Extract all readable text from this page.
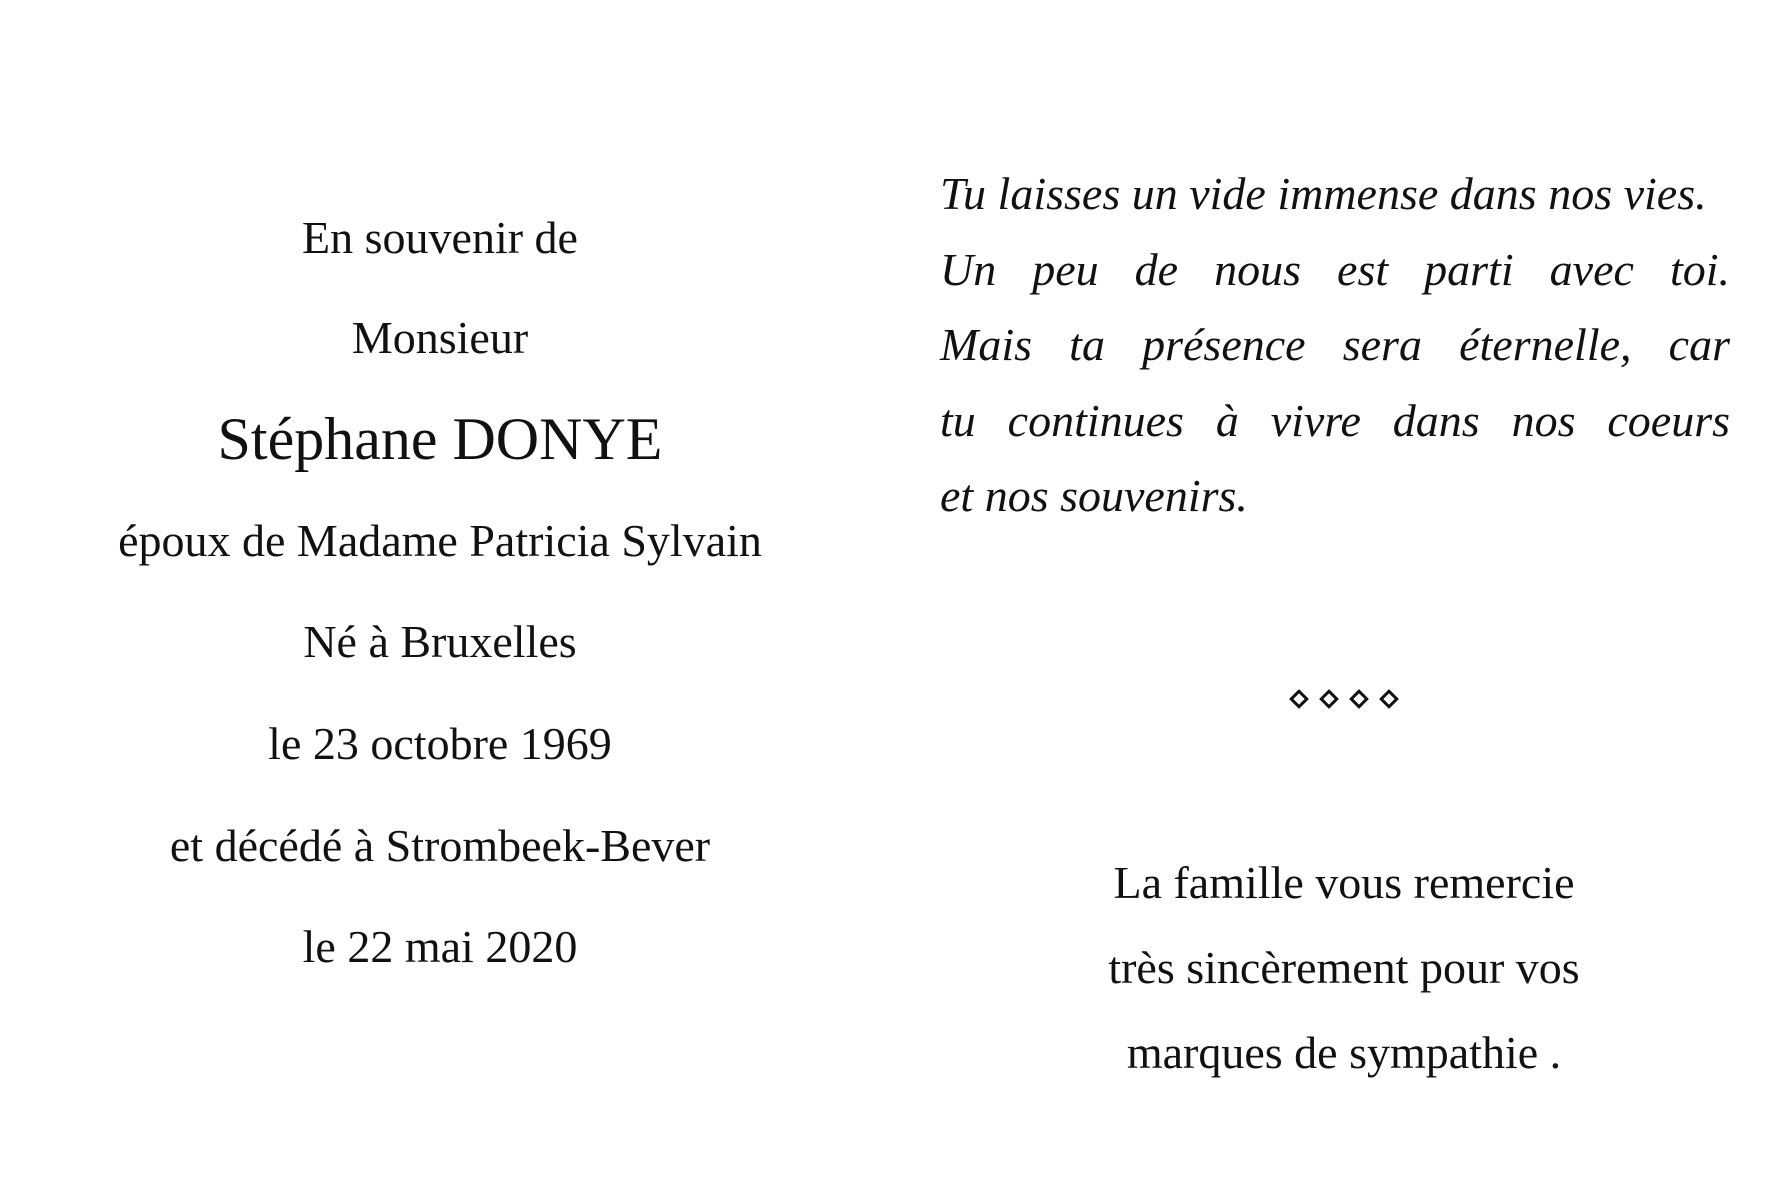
En souvenir de
Monsieur
Stéphane DONYE
époux de Madame Patricia Sylvain
Né à Bruxelles
le 23 octobre 1969
et décédé à Strombeek-Bever
le 22 mai 2020
Tu laisses un vide immense dans nos vies.
Un peu de nous est parti avec toi.
Mais ta présence sera éternelle, car
tu continues à vivre dans nos coeurs
et nos souvenirs.
La famille vous remercie
très sincèrement pour vos
marques de sympathie .
